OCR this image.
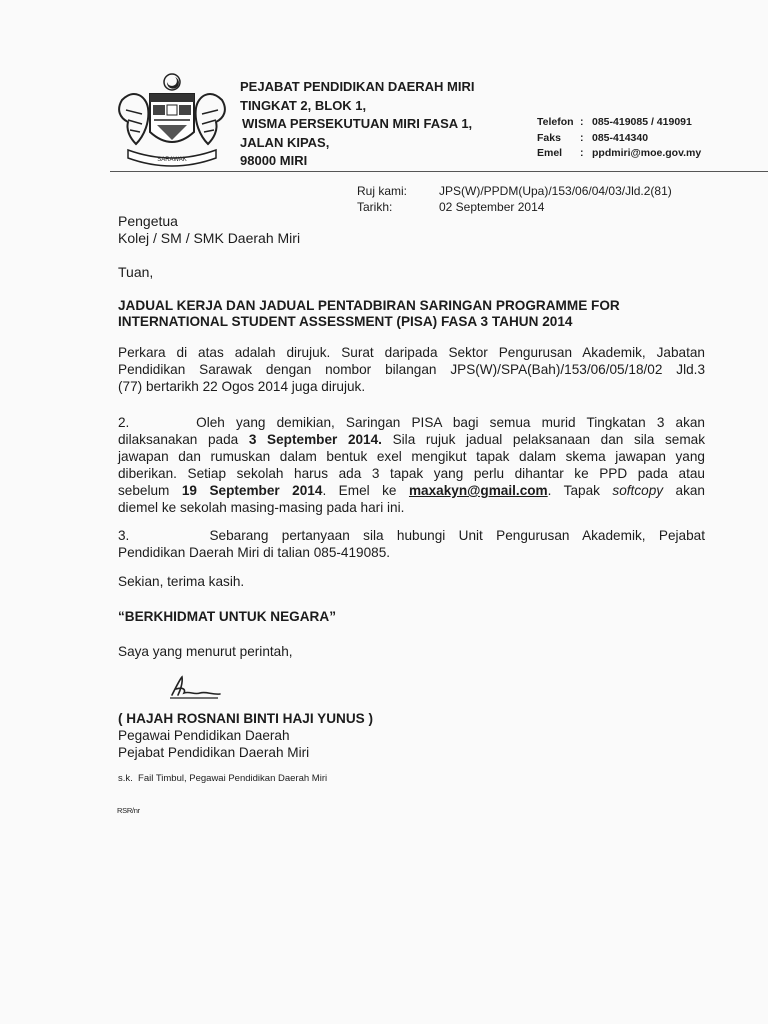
SARAWAK
PEJABAT PENDIDIKAN DAERAH MIRI
TINGKAT 2, BLOK 1,
WISMA PERSEKUTUAN MIRI FASA 1,
JALAN KIPAS,
98000 MIRI
Telefon : 085-419085 / 419091
Faks	: 085-414340
Emel	: ppdmiri@moe.gov.my
Ruj kami:	JPS(W)/PPDM(Upa)/153/06/04/03/Jld.2(81)
Tarikh:	02 September 2014
Pengetua
Kolej / SM / SMK Daerah Miri
Tuan,
JADUAL KERJA DAN JADUAL PENTADBIRAN SARINGAN PROGRAMME FOR
INTERNATIONAL STUDENT ASSESSMENT (PISA) FASA 3 TAHUN 2014
Perkara di atas adalah dirujuk. Surat daripada Sektor Pengurusan Akademik, Jabatan
Pendidikan Sarawak dengan nombor bilangan JPS(W)/SPA(Bah)/153/06/05/18/02 Jld.3
(77) bertarikh 22 Ogos 2014 juga dirujuk.
2.      Oleh yang demikian, Saringan PISA bagi semua murid Tingkatan 3 akan
dilaksanakan pada 3 September 2014. Sila rujuk jadual pelaksanaan dan sila semak
jawapan dan rumuskan dalam bentuk exel mengikut tapak dalam skema jawapan yang
diberikan. Setiap sekolah harus ada 3 tapak yang perlu dihantar ke PPD pada atau
sebelum 19 September 2014. Emel ke maxakyn@gmail.com. Tapak softcopy akan
diemel ke sekolah masing-masing pada hari ini.
3.      Sebarang pertanyaan sila hubungi Unit Pengurusan Akademik, Pejabat
Pendidikan Daerah Miri di talian 085-419085.
Sekian, terima kasih.
“BERKHIDMAT UNTUK NEGARA”
Saya yang menurut perintah,
( HAJAH ROSNANI BINTI HAJI YUNUS )
Pegawai Pendidikan Daerah
Pejabat Pendidikan Daerah Miri
s.k.  Fail Timbul, Pegawai Pendidikan Daerah Miri
RSR/nr
